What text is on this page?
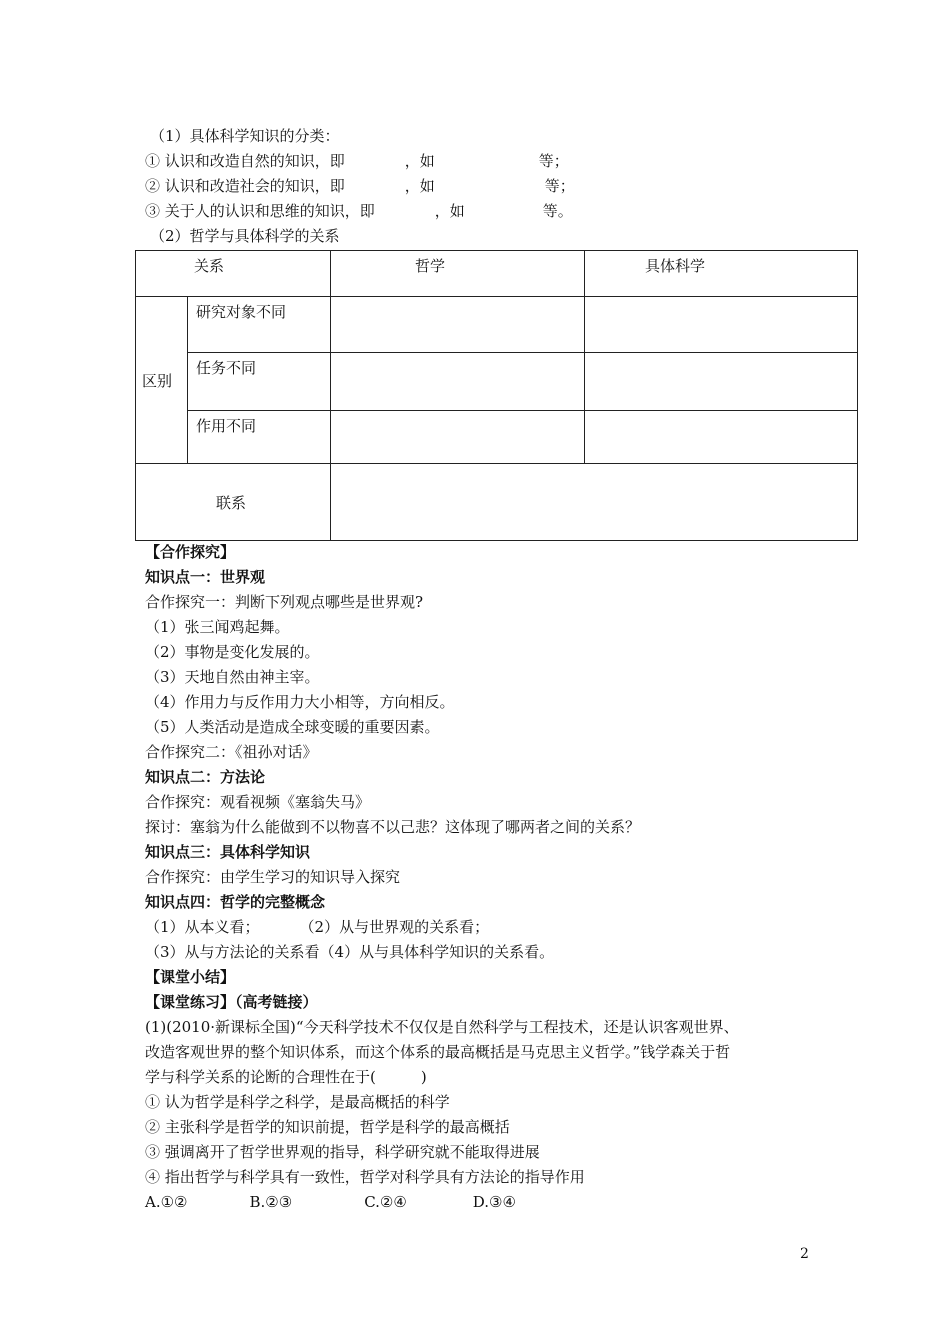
（1）具体科学知识的分类：
① 认识和改造自然的知识，即	，如	等；
② 认识和改造社会的知识，即	，如	等；
③ 关于人的认识和思维的知识，即	，如	等。
（2）哲学与具体科学的关系
关系		哲学	具体科学
区别	研究对象不同		
	任务不同		
	作用不同		
联系			
【合作探究】
知识点一：世界观
合作探究一：判断下列观点哪些是世界观?
（1）张三闻鸡起舞。
（2）事物是变化发展的。
（3）天地自然由神主宰。
（4）作用力与反作用力大小相等，方向相反。
（5）人类活动是造成全球变暖的重要因素。
合作探究二：《祖孙对话》
知识点二：方法论
合作探究：观看视频《塞翁失马》
探讨：塞翁为什么能做到不以物喜不以己悲？这体现了哪两者之间的关系？
知识点三：具体科学知识
合作探究：由学生学习的知识导入探究
知识点四：哲学的完整概念
（1）从本义看；	（2）从与世界观的关系看；
（3）从与方法论的关系看（4）从与具体科学知识的关系看。
【课堂小结】
【课堂练习】（高考链接）
(1)(2010·新课标全国)“今天科学技术不仅仅是自然科学与工程技术，还是认识客观世界、
改造客观世界的整个知识体系，而这个体系的最高概括是马克思主义哲学。”钱学森关于哲
学与科学关系的论断的合理性在于(　　　)
① 认为哲学是科学之科学，是最高概括的科学
② 主张科学是哲学的知识前提，哲学是科学的最高概括
③ 强调离开了哲学世界观的指导，科学研究就不能取得进展
④ 指出哲学与科学具有一致性，哲学对科学具有方法论的指导作用
A.①②	B.②③	C.②④	D.③④
2
